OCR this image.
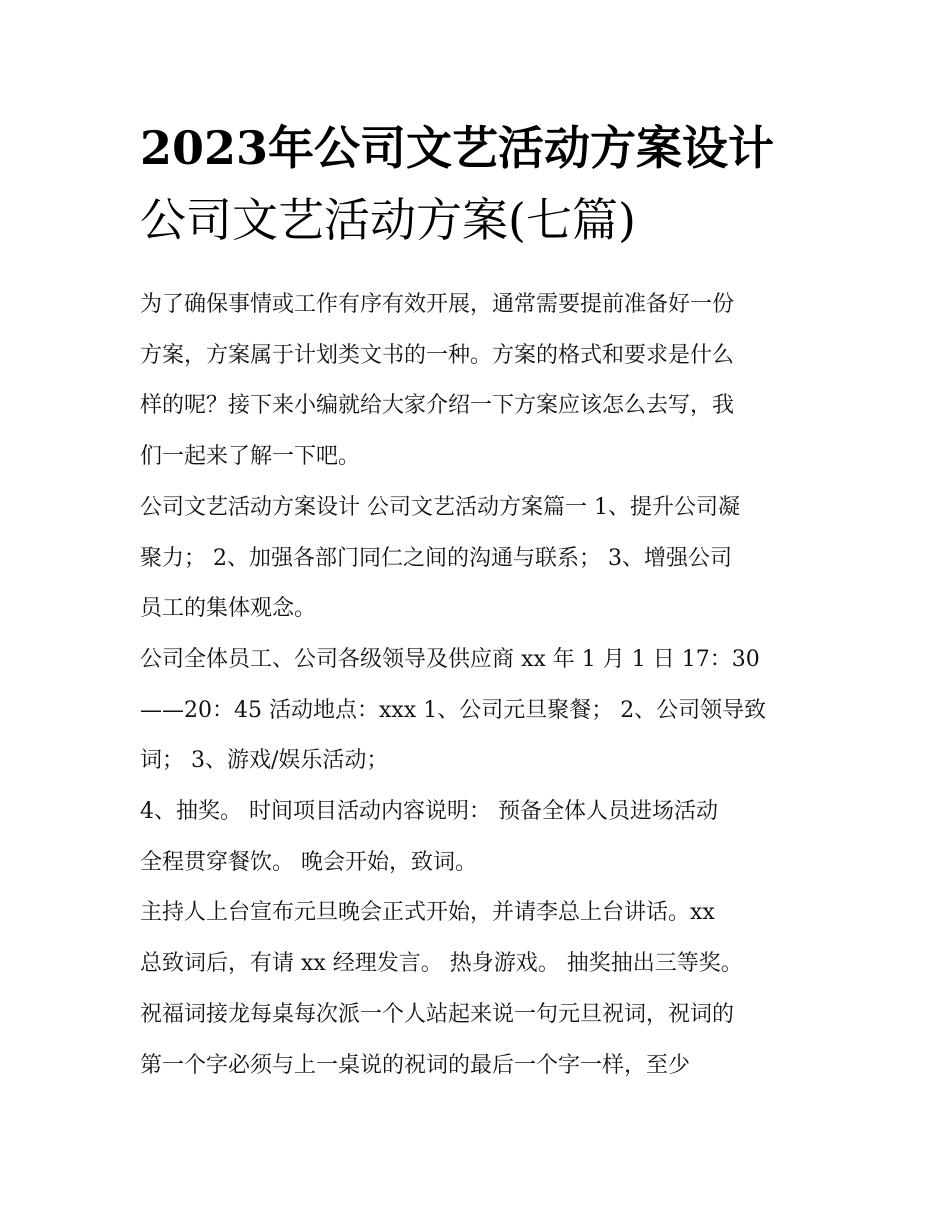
2023年公司文艺活动方案设计
公司文艺活动方案(七篇)
为了确保事情或工作有序有效开展，通常需要提前准备好一份
方案，方案属于计划类文书的一种。方案的格式和要求是什么
样的呢？接下来小编就给大家介绍一下方案应该怎么去写，我
们一起来了解一下吧。
公司文艺活动方案设计 公司文艺活动方案篇一 1、提升公司凝
聚力； 2、加强各部门同仁之间的沟通与联系； 3、增强公司
员工的集体观念。
公司全体员工、公司各级领导及供应商 xx 年 1 月 1 日 17：30
——20：45 活动地点：xxx 1、公司元旦聚餐； 2、公司领导致
词； 3、游戏/娱乐活动；
4、抽奖。 时间项目活动内容说明： 预备全体人员进场活动
全程贯穿餐饮。 晚会开始，致词。
主持人上台宣布元旦晚会正式开始，并请李总上台讲话。xx
总致词后，有请 xx 经理发言。 热身游戏。 抽奖抽出三等奖。
祝福词接龙每桌每次派一个人站起来说一句元旦祝词，祝词的
第一个字必须与上一桌说的祝词的最后一个字一样，至少
